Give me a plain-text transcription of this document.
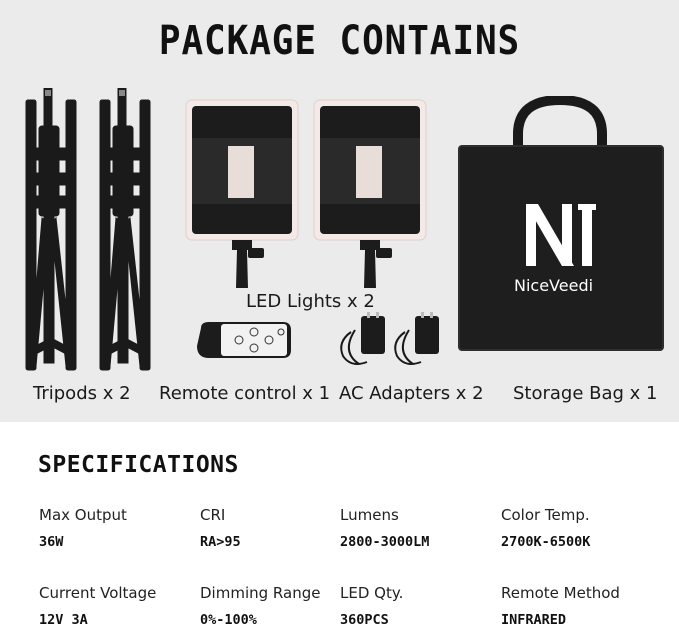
PACKAGE CONTAINS
LED Lights x 2
NiceVeedi
Tripods x 2 Remote control x 1 AC Adapters x 2 Storage Bag x 1
SPECIFICATIONS
Max Output
36W
CRI
RA>95
Lumens
2800-3000LM
Color Temp.
2700K-6500K
Current Voltage
12V 3A
Dimming Range
0%-100%
LED Qty.
360PCS
Remote Method
INFRARED
